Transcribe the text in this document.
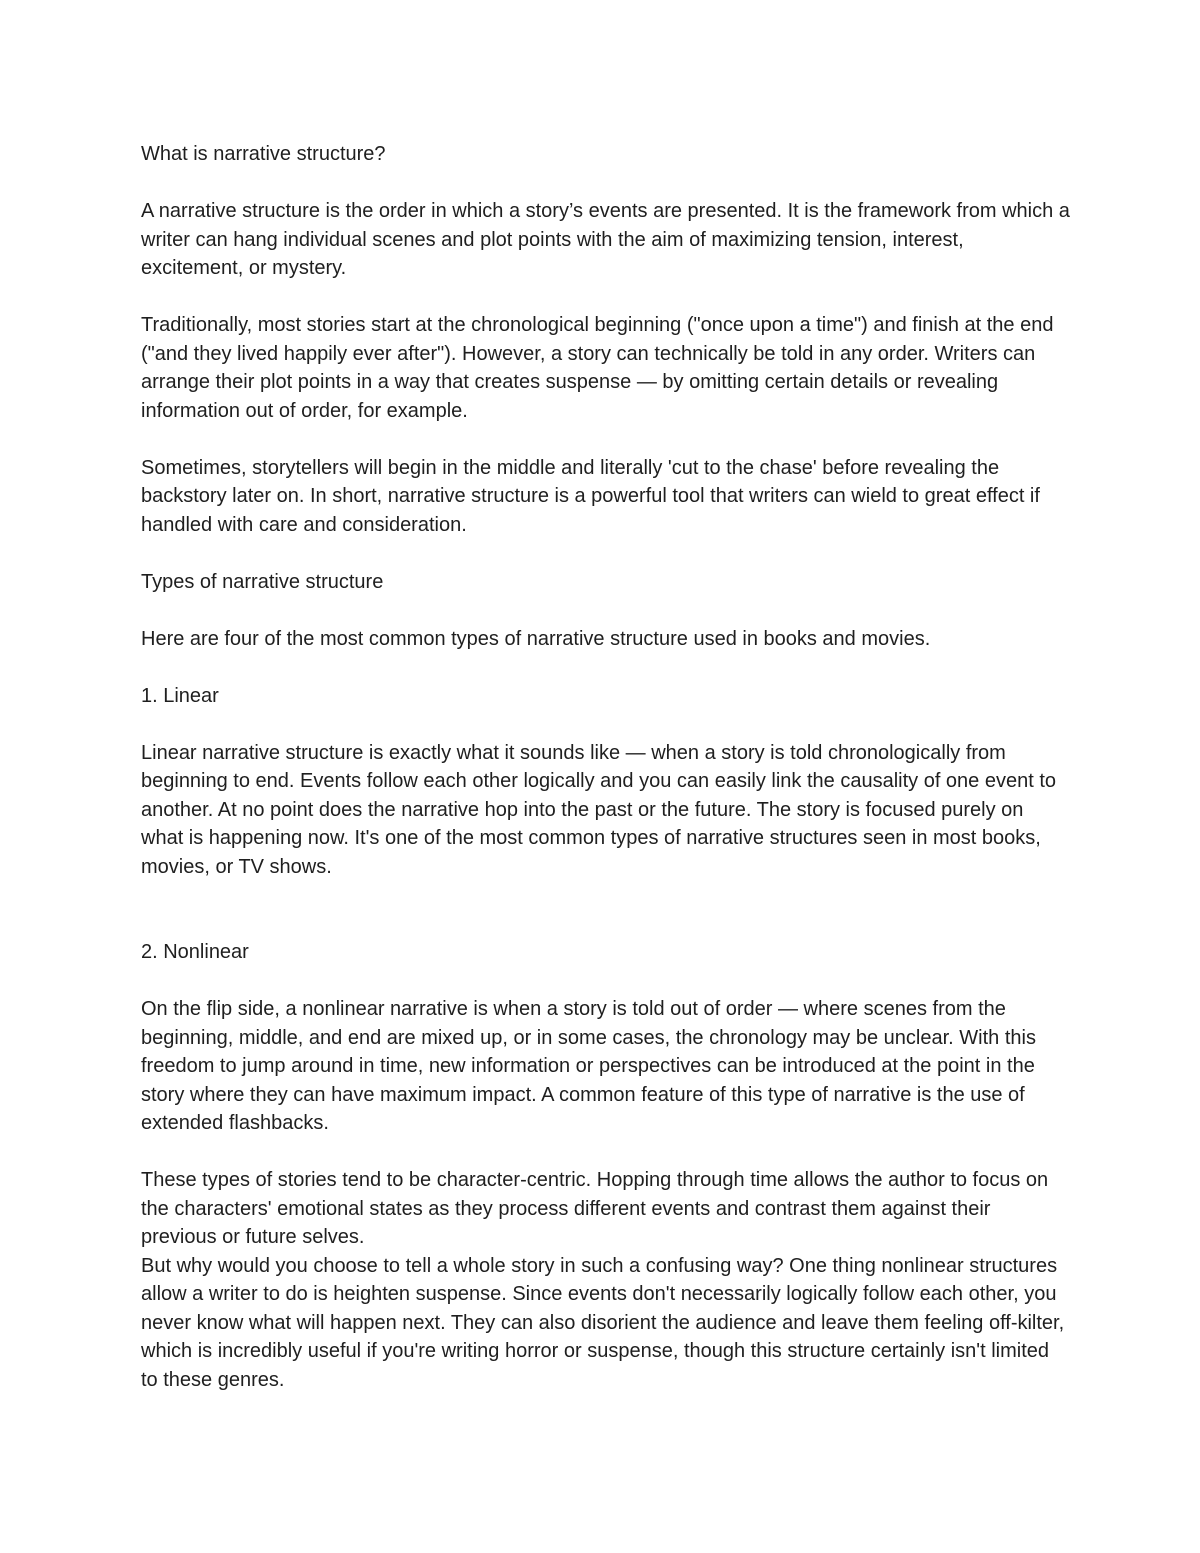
What is narrative structure?

A narrative structure is the order in which a story’s events are presented. It is the framework from which a writer can hang individual scenes and plot points with the aim of maximizing tension, interest, excitement, or mystery.

Traditionally, most stories start at the chronological beginning ("once upon a time") and finish at the end ("and they lived happily ever after"). However, a story can technically be told in any order. Writers can arrange their plot points in a way that creates suspense — by omitting certain details or revealing information out of order, for example.

Sometimes, storytellers will begin in the middle and literally 'cut to the chase' before revealing the backstory later on. In short, narrative structure is a powerful tool that writers can wield to great effect if handled with care and consideration.

Types of narrative structure

Here are four of the most common types of narrative structure used in books and movies.

1. Linear

Linear narrative structure is exactly what it sounds like — when a story is told chronologically from beginning to end. Events follow each other logically and you can easily link the causality of one event to another. At no point does the narrative hop into the past or the future. The story is focused purely on what is happening now. It's one of the most common types of narrative structures seen in most books, movies, or TV shows.

2. Nonlinear

On the flip side, a nonlinear narrative is when a story is told out of order — where scenes from the beginning, middle, and end are mixed up, or in some cases, the chronology may be unclear. With this freedom to jump around in time, new information or perspectives can be introduced at the point in the story where they can have maximum impact. A common feature of this type of narrative is the use of extended flashbacks.

These types of stories tend to be character-centric. Hopping through time allows the author to focus on the characters' emotional states as they process different events and contrast them against their previous or future selves.

But why would you choose to tell a whole story in such a confusing way? One thing nonlinear structures allow a writer to do is heighten suspense. Since events don't necessarily logically follow each other, you never know what will happen next. They can also disorient the audience and leave them feeling off-kilter, which is incredibly useful if you're writing horror or suspense, though this structure certainly isn't limited to these genres.
